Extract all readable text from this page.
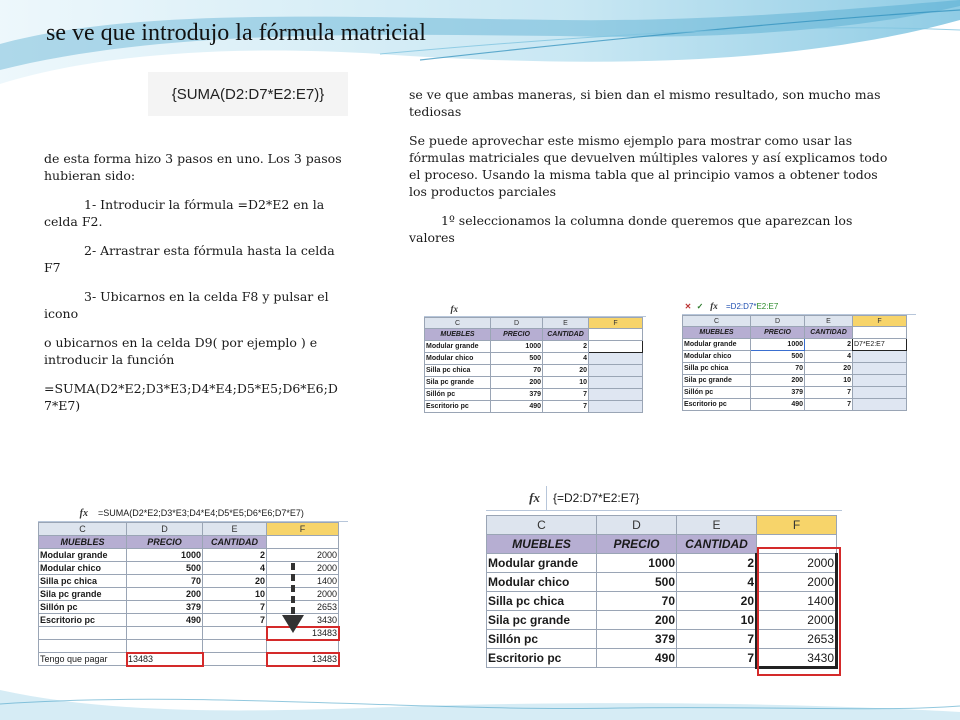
se ve que introdujo la fórmula matricial
{SUMA(D2:D7*E2:E7)}

de esta forma hizo 3 pasos en uno. Los 3 pasos hubieran sido:

1- Introducir la fórmula =D2*E2 en la celda F2.

2- Arrastrar esta fórmula hasta la celda F7

3- Ubicarnos en la celda F8 y pulsar el icono

o ubicarnos en la celda D9( por ejemplo ) e introducir la función

=SUMA(D2*E2;D3*E3;D4*E4;D5*E5;D6*E6;D7*E7)

se ve que ambas maneras, si bien dan el mismo resultado, son mucho mas tediosas

Se puede aprovechar este mismo ejemplo para mostrar como usar las fórmulas matriciales que devuelven múltiples valores y así explicamos todo el proceso. Usando la misma tabla que al principio vamos a obtener todos los productos parciales

1º seleccionamos la columna donde queremos que aparezcan los valores

fx	=SUMA(D2*E2;D3*E3;D4*E4;D5*E5;D6*E6;D7*E7)
C	D	E	F
MUEBLES	PRECIO	CANTIDAD	
Modular grande	1000	2	2000
Modular chico	500	4	2000
Silla pc chica	70	20	1400
Sila pc grande	200	10	2000
Sillón pc	379	7	2653
Escritorio pc	490	7	3430
			13483

Tengo que pagar	13483		13483
fx
C	D	E	F
MUEBLES	PRECIO	CANTIDAD	
Modular grande	1000	2	
Modular chico	500	4	
Silla pc chica	70	20	
Sila pc grande	200	10	
Sillón pc	379	7	
Escritorio pc	490	7	
✕ ✓ fx	=D2:D7*E2:E7
C	D	E	F
MUEBLES	PRECIO	CANTIDAD	
Modular grande	1000	2	D7*E2:E7
Modular chico	500	4	
Silla pc chica	70	20	
Sila pc grande	200	10	
Sillón pc	379	7	
Escritorio pc	490	7	
fx	{=D2:D7*E2:E7}
C	D	E	F
MUEBLES	PRECIO	CANTIDAD	
Modular grande	1000	2	2000
Modular chico	500	4	2000
Silla pc chica	70	20	1400
Sila pc grande	200	10	2000
Sillón pc	379	7	2653
Escritorio pc	490	7	3430
